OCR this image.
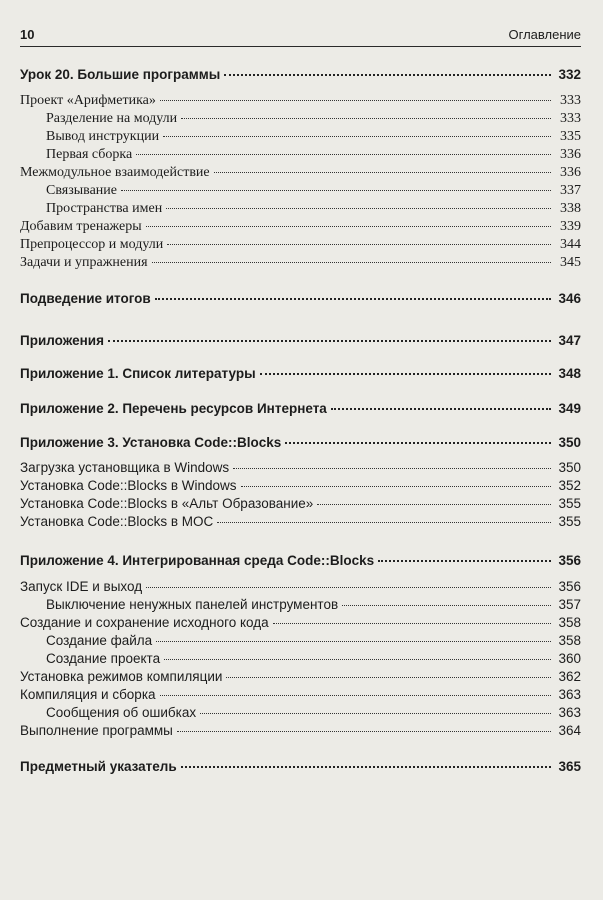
10	Оглавление
Урок 20. Большие программы	332
Проект «Арифметика»	333
Разделение на модули	333
Вывод инструкции	335
Первая сборка	336
Межмодульное взаимодействие	336
Связывание	337
Пространства имен	338
Добавим тренажеры	339
Препроцессор и модули	344
Задачи и упражнения	345
Подведение итогов	346
Приложения	347
Приложение 1. Список литературы	348
Приложение 2. Перечень ресурсов Интернета	349
Приложение 3. Установка Code::Blocks	350
Загрузка установщика в Windows	350
Установка Code::Blocks в Windows	352
Установка Code::Blocks в «Альт Образование»	355
Установка Code::Blocks в МОС	355
Приложение 4. Интегрированная среда Code::Blocks	356
Запуск IDE и выход	356
Выключение ненужных панелей инструментов	357
Создание и сохранение исходного кода	358
Создание файла	358
Создание проекта	360
Установка режимов компиляции	362
Компиляция и сборка	363
Сообщения об ошибках	363
Выполнение программы	364
Предметный указатель	365
